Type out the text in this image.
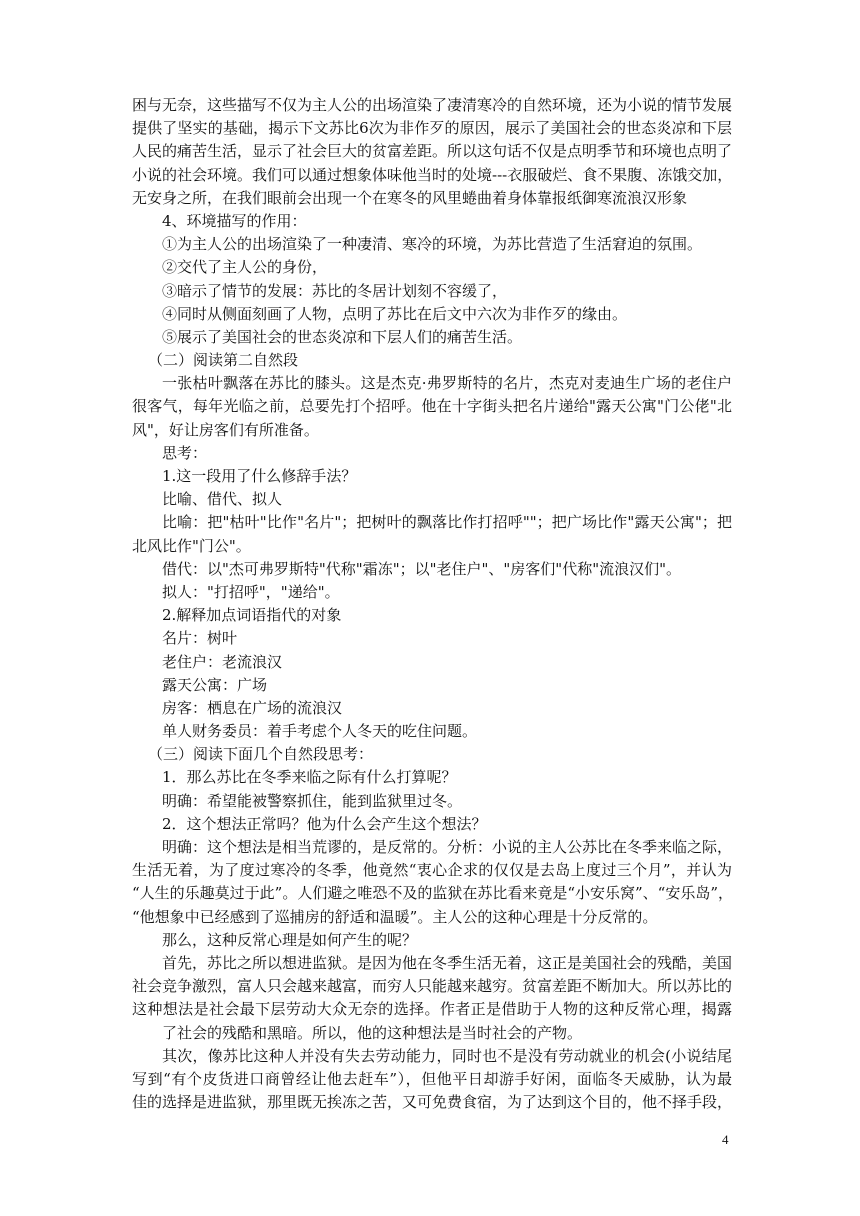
困与无奈，这些描写不仅为主人公的出场渲染了凄清寒冷的自然环境，还为小说的情节发展
提供了坚实的基础，揭示下文苏比6次为非作歹的原因，展示了美国社会的世态炎凉和下层
人民的痛苦生活，显示了社会巨大的贫富差距。所以这句话不仅是点明季节和环境也点明了
小说的社会环境。我们可以通过想象体味他当时的处境---衣服破烂、食不果腹、冻饿交加，
无安身之所，在我们眼前会出现一个在寒冬的风里蜷曲着身体靠报纸御寒流浪汉形象
4、环境描写的作用：
①为主人公的出场渲染了一种凄清、寒冷的环境，为苏比营造了生活窘迫的氛围。
②交代了主人公的身份，
③暗示了情节的发展：苏比的冬居计划刻不容缓了，
④同时从侧面刻画了人物，点明了苏比在后文中六次为非作歹的缘由。
⑤展示了美国社会的世态炎凉和下层人们的痛苦生活。
（二）阅读第二自然段
一张枯叶飘落在苏比的膝头。这是杰克·弗罗斯特的名片，杰克对麦迪生广场的老住户
很客气，每年光临之前，总要先打个招呼。他在十字街头把名片递给"露天公寓"门公佬"北
风"，好让房客们有所准备。
思考：
1.这一段用了什么修辞手法？
比喻、借代、拟人
比喻：把"枯叶"比作"名片"；把树叶的飘落比作打招呼""；把广场比作"露天公寓"；把
北风比作"门公"。
借代：以"杰可弗罗斯特"代称"霜冻"；以"老住户"、"房客们"代称"流浪汉们"。
拟人："打招呼"，"递给"。
2.解释加点词语指代的对象
名片：树叶
老住户：老流浪汉
露天公寓：广场
房客：栖息在广场的流浪汉
单人财务委员：着手考虑个人冬天的吃住问题。
（三）阅读下面几个自然段思考：
1．那么苏比在冬季来临之际有什么打算呢？
明确：希望能被警察抓住，能到监狱里过冬。
2．这个想法正常吗？他为什么会产生这个想法？
明确：这个想法是相当荒谬的，是反常的。分析：小说的主人公苏比在冬季来临之际，
生活无着，为了度过寒冷的冬季，他竟然“衷心企求的仅仅是去岛上度过三个月”，并认为
“人生的乐趣莫过于此”。人们避之唯恐不及的监狱在苏比看来竟是“小安乐窝”、“安乐岛”，
“他想象中已经感到了巡捕房的舒适和温暖”。主人公的这种心理是十分反常的。
那么，这种反常心理是如何产生的呢？
首先，苏比之所以想进监狱。是因为他在冬季生活无着，这正是美国社会的残酷，美国
社会竞争激烈，富人只会越来越富，而穷人只能越来越穷。贫富差距不断加大。所以苏比的
这种想法是社会最下层劳动大众无奈的选择。作者正是借助于人物的这种反常心理，揭露
了社会的残酷和黑暗。所以，他的这种想法是当时社会的产物。
其次，像苏比这种人并没有失去劳动能力，同时也不是没有劳动就业的机会(小说结尾
写到“有个皮货进口商曾经让他去赶车”），但他平日却游手好闲，面临冬天威胁，认为最
佳的选择是进监狱，那里既无挨冻之苦，又可免费食宿，为了达到这个目的，他不择手段，
4
